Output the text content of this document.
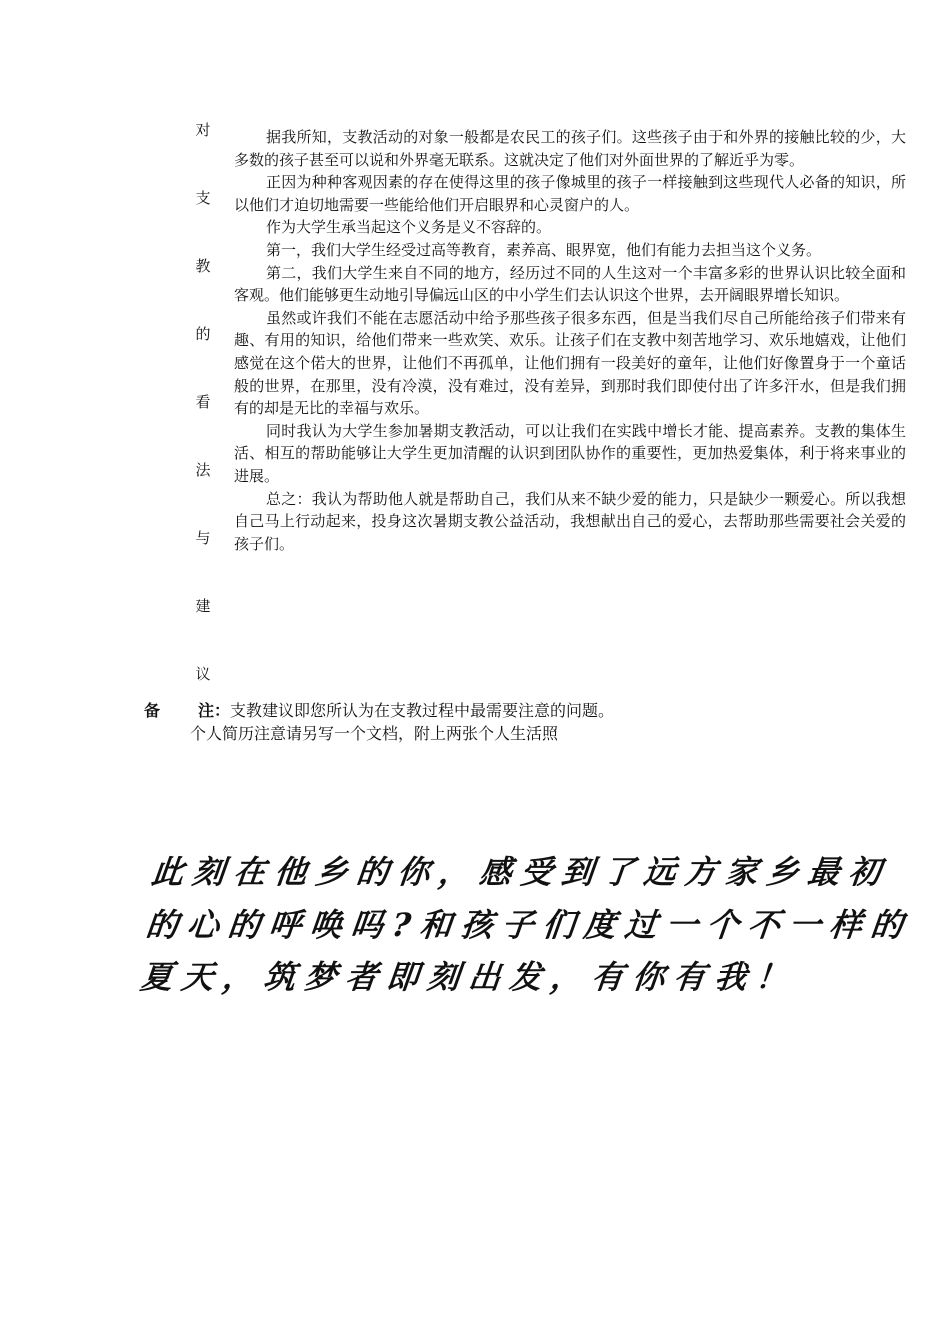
对
支
教
的
看
法
与
建
议

据我所知，支教活动的对象一般都是农民工的孩子们。这些孩子由于和外界的接触比较的少，大多数的孩子甚至可以说和外界毫无联系。这就决定了他们对外面世界的了解近乎为零。

正因为种种客观因素的存在使得这里的孩子像城里的孩子一样接触到这些现代人必备的知识，所以他们才迫切地需要一些能给他们开启眼界和心灵窗户的人。

作为大学生承当起这个义务是义不容辞的。

第一，我们大学生经受过高等教育，素养高、眼界宽，他们有能力去担当这个义务。

第二，我们大学生来自不同的地方，经历过不同的人生这对一个丰富多彩的世界认识比较全面和客观。他们能够更生动地引导偏远山区的中小学生们去认识这个世界，去开阔眼界增长知识。

虽然或许我们不能在志愿活动中给予那些孩子很多东西，但是当我们尽自己所能给孩子们带来有趣、有用的知识，给他们带来一些欢笑、欢乐。让孩子们在支教中刻苦地学习、欢乐地嬉戏，让他们感觉在这个偌大的世界，让他们不再孤单，让他们拥有一段美好的童年，让他们好像置身于一个童话般的世界，在那里，没有冷漠，没有难过，没有差异，到那时我们即使付出了许多汗水，但是我们拥有的却是无比的幸福与欢乐。

同时我认为大学生参加暑期支教活动，可以让我们在实践中增长才能、提高素养。支教的集体生活、相互的帮助能够让大学生更加清醒的认识到团队协作的重要性，更加热爱集体，利于将来事业的进展。

总之：我认为帮助他人就是帮助自己，我们从来不缺少爱的能力，只是缺少一颗爱心。所以我想自己马上行动起来，投身这次暑期支教公益活动，我想献出自己的爱心，去帮助那些需要社会关爱的孩子们。

备 注：支教建议即您所认为在支教过程中最需要注意的问题。
个人简历注意请另写一个文档，附上两张个人生活照
此刻在他乡的你，感受到了远方家乡最初
的心的呼唤吗?和孩子们度过一个不一样的
夏天，筑梦者即刻出发，有你有我！
